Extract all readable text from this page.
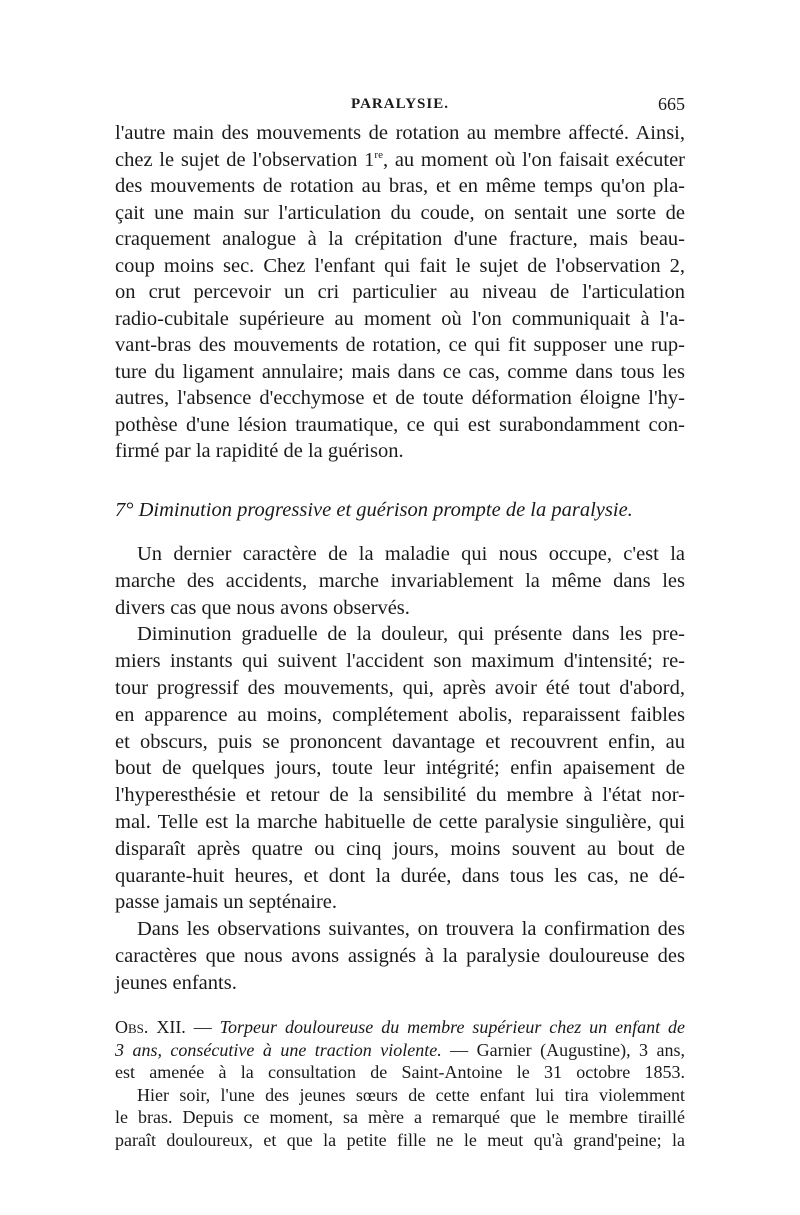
PARALYSIE.	665
l'autre main des mouvements de rotation au membre affecté. Ainsi,
chez le sujet de l'observation 1re, au moment où l'on faisait exécuter
des mouvements de rotation au bras, et en même temps qu'on pla-
çait une main sur l'articulation du coude, on sentait une sorte de
craquement analogue à la crépitation d'une fracture, mais beau-
coup moins sec. Chez l'enfant qui fait le sujet de l'observation 2,
on crut percevoir un cri particulier au niveau de l'articulation
radio-cubitale supérieure au moment où l'on communiquait à l'a-
vant-bras des mouvements de rotation, ce qui fit supposer une rup-
ture du ligament annulaire; mais dans ce cas, comme dans tous les
autres, l'absence d'ecchymose et de toute déformation éloigne l'hy-
pothèse d'une lésion traumatique, ce qui est surabondamment con-
firmé par la rapidité de la guérison.
7° Diminution progressive et guérison prompte de la paralysie.
Un dernier caractère de la maladie qui nous occupe, c'est la
marche des accidents, marche invariablement la même dans les
divers cas que nous avons observés.
Diminution graduelle de la douleur, qui présente dans les pre-
miers instants qui suivent l'accident son maximum d'intensité; re-
tour progressif des mouvements, qui, après avoir été tout d'abord,
en apparence au moins, complétement abolis, reparaissent faibles
et obscurs, puis se prononcent davantage et recouvrent enfin, au
bout de quelques jours, toute leur intégrité; enfin apaisement de
l'hyperesthésie et retour de la sensibilité du membre à l'état nor-
mal. Telle est la marche habituelle de cette paralysie singulière, qui
disparaît après quatre ou cinq jours, moins souvent au bout de
quarante-huit heures, et dont la durée, dans tous les cas, ne dé-
passe jamais un septénaire.
Dans les observations suivantes, on trouvera la confirmation des
caractères que nous avons assignés à la paralysie douloureuse des
jeunes enfants.
Obs. XII. — Torpeur douloureuse du membre supérieur chez un enfant de
3 ans, consécutive à une traction violente. — Garnier (Augustine), 3 ans,
est amenée à la consultation de Saint-Antoine le 31 octobre 1853.
Hier soir, l'une des jeunes sœurs de cette enfant lui tira violemment
le bras. Depuis ce moment, sa mère a remarqué que le membre tiraillé
paraît douloureux, et que la petite fille ne le meut qu'à grand'peine; la
